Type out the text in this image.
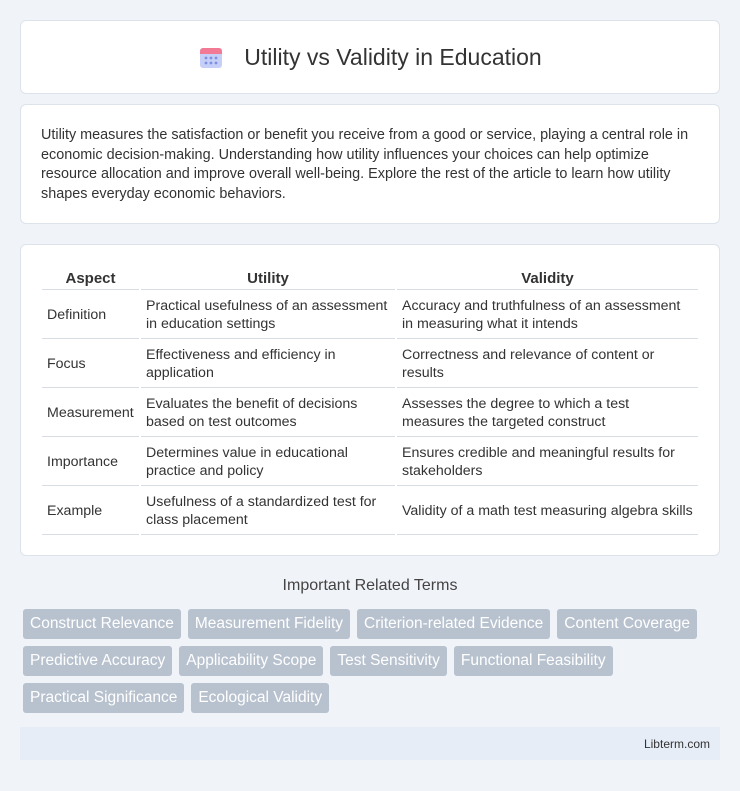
Utility vs Validity in Education

Utility measures the satisfaction or benefit you receive from a good or service, playing a central role in economic decision-making. Understanding how utility influences your choices can help optimize resource allocation and improve overall well-being. Explore the rest of the article to learn how utility shapes everyday economic behaviors.

Aspect	Utility	Validity
Definition	Practical usefulness of an assessment in education settings	Accuracy and truthfulness of an assessment in measuring what it intends
Focus	Effectiveness and efficiency in application	Correctness and relevance of content or results
Measurement	Evaluates the benefit of decisions based on test outcomes	Assesses the degree to which a test measures the targeted construct
Importance	Determines value in educational practice and policy	Ensures credible and meaningful results for stakeholders
Example	Usefulness of a standardized test for class placement	Validity of a math test measuring algebra skills
Important Related Terms
Construct Relevance	Measurement Fidelity	Criterion-related Evidence	Content Coverage
Predictive Accuracy	Applicability Scope	Test Sensitivity	Functional Feasibility
Practical Significance	Ecological Validity
Libterm.com
